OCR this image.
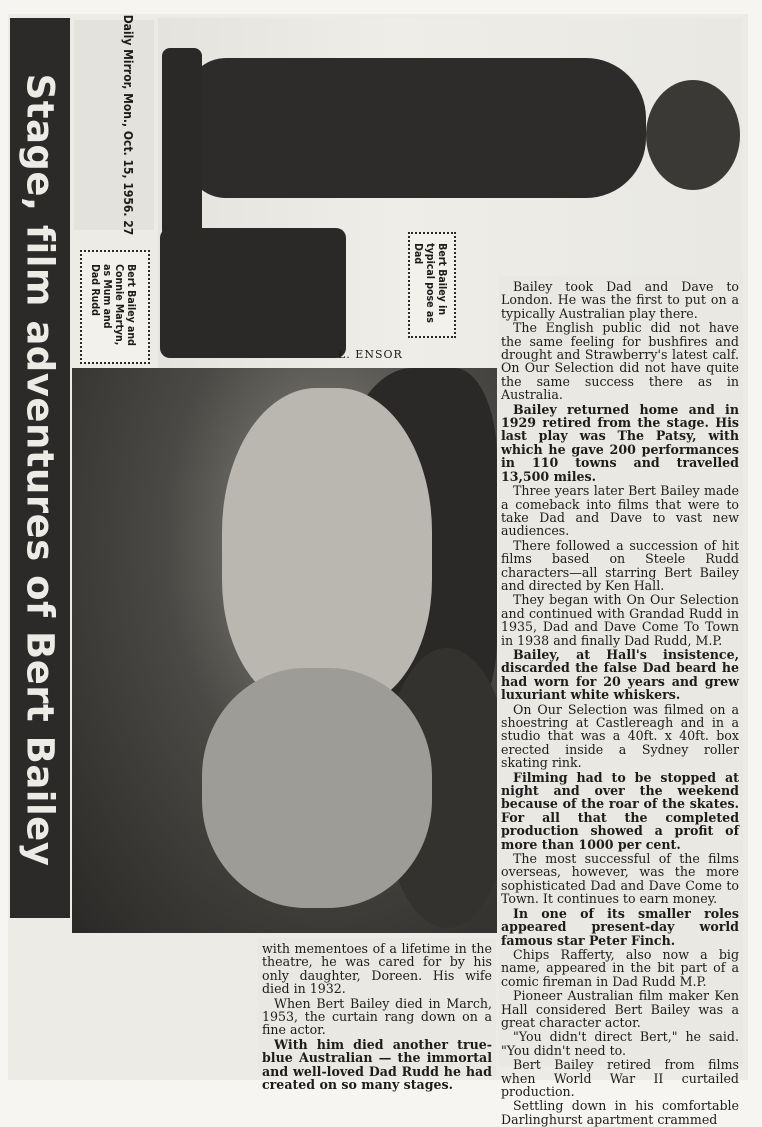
Stage, film adventures of Bert Bailey	Daily Mirror, Mon., Oct. 15, 1956. 27
Bert Bailey in
typical pose as
Dad
Bert Bailey and
Connie Martyn,
as Mum and
Dad Rudd
L. ENSOR

Bailey took Dad and Dave to London. He was the first to put on a typically Australian play there.

The English public did not have the same feeling for bushfires and drought and Strawberry's latest calf. On Our Selection did not have quite the same success there as in Australia.

Bailey returned home and in 1929 retired from the stage. His last play was The Patsy, with which he gave 200 performances in 110 towns and travelled 13,500 miles.

Three years later Bert Bailey made a comeback into films that were to take Dad and Dave to vast new audiences.

There followed a succession of hit films based on Steele Rudd characters—all starring Bert Bailey and directed by Ken Hall.

They began with On Our Selection and continued with Grandad Rudd in 1935, Dad and Dave Come To Town in 1938 and finally Dad Rudd, M.P.

Bailey, at Hall's insistence, discarded the false Dad beard he had worn for 20 years and grew luxuriant white whiskers.

On Our Selection was filmed on a shoestring at Castlereagh and in a studio that was a 40ft. x 40ft. box erected inside a Sydney roller skating rink.

Filming had to be stopped at night and over the weekend because of the roar of the skates. For all that the completed production showed a profit of more than 1000 per cent.

The most successful of the films overseas, however, was the more sophisticated Dad and Dave Come to Town. It continues to earn money.

In one of its smaller roles appeared present-day world famous star Peter Finch.

Chips Rafferty, also now a big name, appeared in the bit part of a comic fireman in Dad Rudd M.P.

Pioneer Australian film maker Ken Hall considered Bert Bailey was a great character actor.

"You didn't direct Bert," he said. "You didn't need to.

Bert Bailey retired from films when World War II curtailed production.

Settling down in his comfortable Darlinghurst apartment crammed

with mementoes of a lifetime in the theatre, he was cared for by his only daughter, Doreen. His wife died in 1932.

When Bert Bailey died in March, 1953, the curtain rang down on a fine actor.

With him died another true-blue Australian — the immortal and well-loved Dad Rudd he had created on so many stages.
